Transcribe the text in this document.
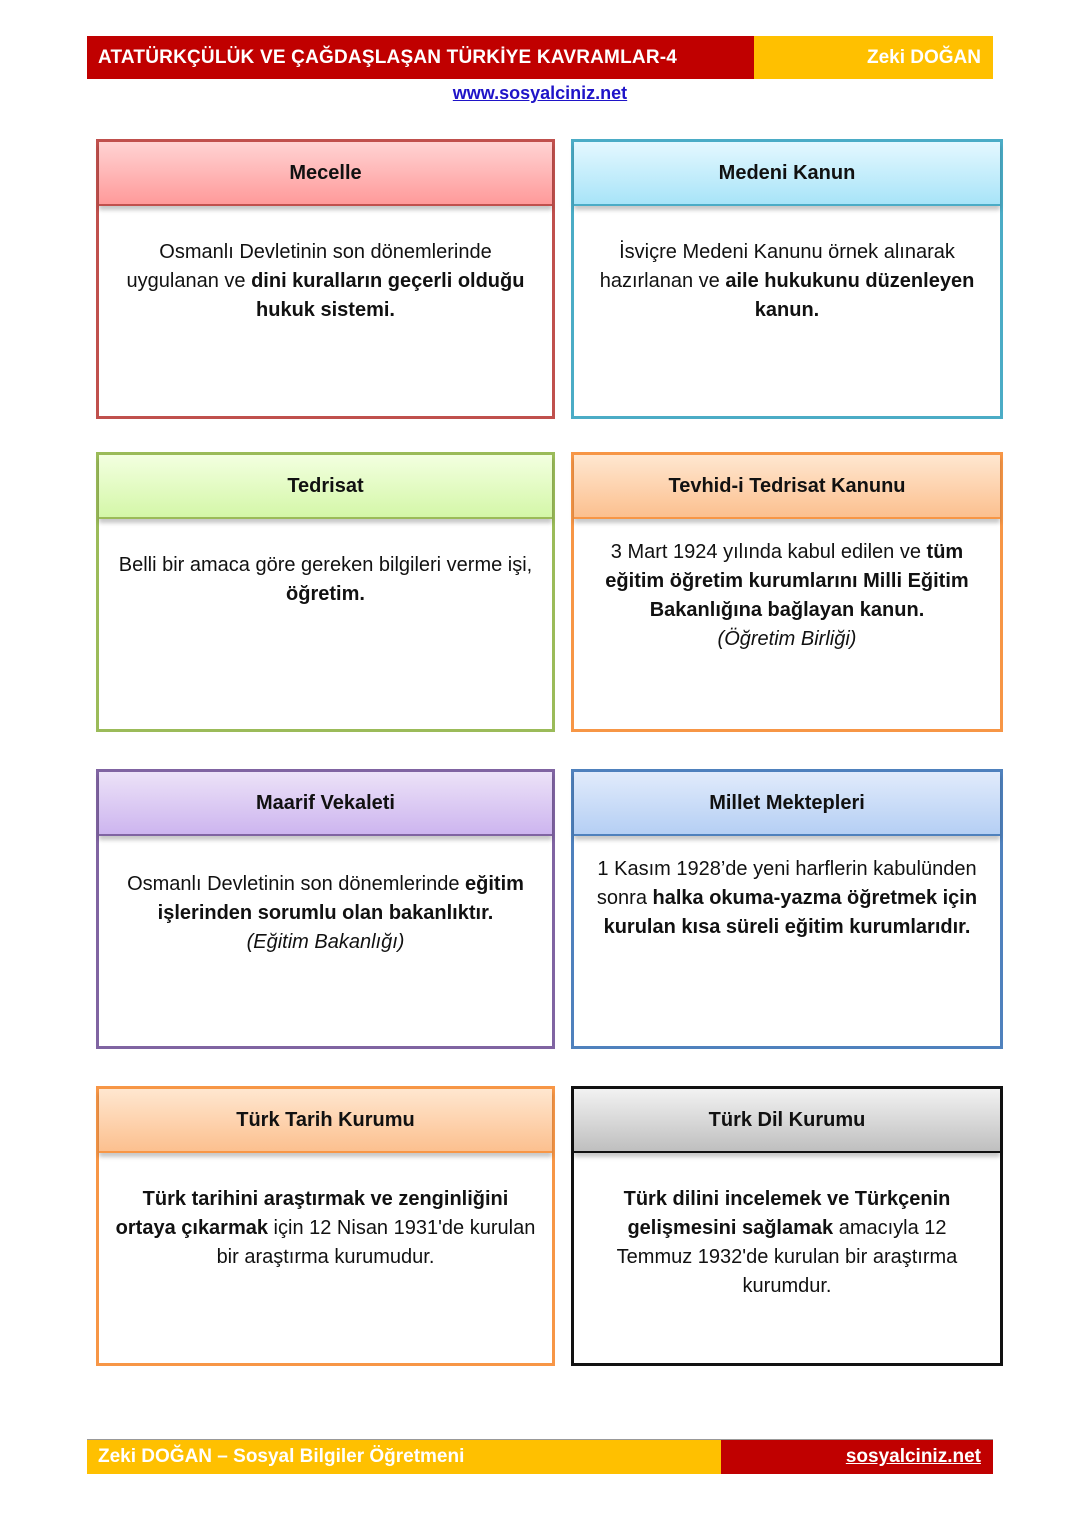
ATATÜRKÇÜLÜK VE ÇAĞDAŞLAŞAN TÜRKİYE KAVRAMLAR-4	Zeki DOĞAN
www.sosyalciniz.net
Mecelle
Osmanlı Devletinin son dönemlerinde uygulanan ve dini kuralların geçerli olduğu hukuk sistemi.
Medeni Kanun
İsviçre Medeni Kanunu örnek alınarak hazırlanan ve aile hukukunu düzenleyen kanun.
Tedrisat
Belli bir amaca göre gereken bilgileri verme işi, öğretim.
Tevhid-i Tedrisat Kanunu
3 Mart 1924 yılında kabul edilen ve tüm eğitim öğretim kurumlarını Milli Eğitim Bakanlığına bağlayan kanun.
(Öğretim Birliği)
Maarif Vekaleti
Osmanlı Devletinin son dönemlerinde eğitim işlerinden sorumlu olan bakanlıktır.
(Eğitim Bakanlığı)
Millet Mektepleri
1 Kasım 1928’de yeni harflerin kabulünden sonra halka okuma-yazma öğretmek için kurulan kısa süreli eğitim kurumlarıdır.
Türk Tarih Kurumu
Türk tarihini araştırmak ve zenginliğini ortaya çıkarmak için 12 Nisan 1931'de kurulan bir araştırma kurumudur.
Türk Dil Kurumu
Türk dilini incelemek ve Türkçenin gelişmesini sağlamak amacıyla 12 Temmuz 1932'de kurulan bir araştırma kurumdur.
Zeki DOĞAN – Sosyal Bilgiler Öğretmeni	sosyalciniz.net
